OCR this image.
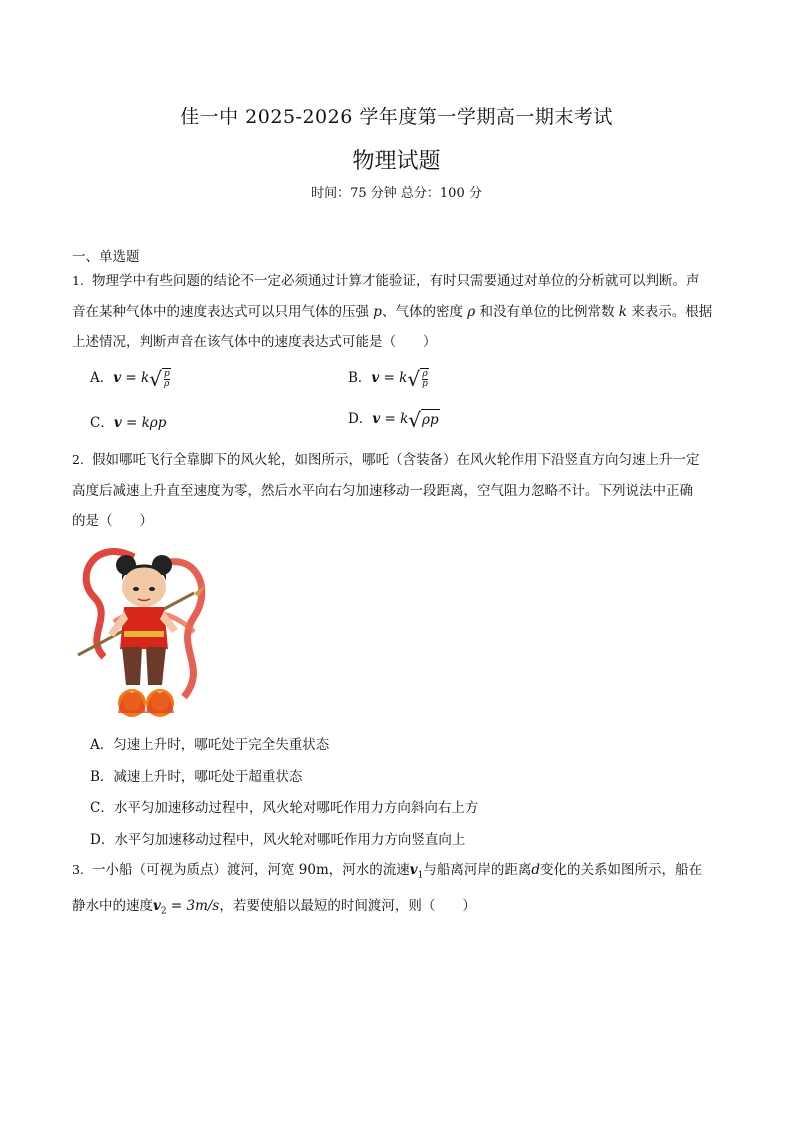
佳一中 2025-2026 学年度第一学期高一期末考试
物理试题
时间：75 分钟 总分：100 分
一、单选题
1. 物理学中有些问题的结论不一定必须通过计算才能验证，有时只需要通过对单位的分析就可以判断。声
音在某种气体中的速度表达式可以只用气体的压强 p、气体的密度 ρ 和没有单位的比例常数 k 来表示。根据
上述情况，判断声音在该气体中的速度表达式可能是（　　）
A．v = k √ $\frac{p}{\rho}$	B．v = k √ $\frac{\rho}{p}$
C．v = kρp	D．v = k √ ρp
2. 假如哪吒飞行全靠脚下的风火轮，如图所示，哪吒（含装备）在风火轮作用下沿竖直方向匀速上升一定
高度后减速上升直至速度为零，然后水平向右匀加速移动一段距离，空气阻力忽略不计。下列说法中正确
的是（　　）
A．匀速上升时，哪吒处于完全失重状态
B．减速上升时，哪吒处于超重状态
C．水平匀加速移动过程中，风火轮对哪吒作用力方向斜向右上方
D．水平匀加速移动过程中，风火轮对哪吒作用力方向竖直向上
3. 一小船（可视为质点）渡河，河宽 90m，河水的流速$v_1$与船离河岸的距离d变化的关系如图所示，船在
静水中的速度$v_2 = 3m/s$，若要使船以最短的时间渡河，则（　　）
